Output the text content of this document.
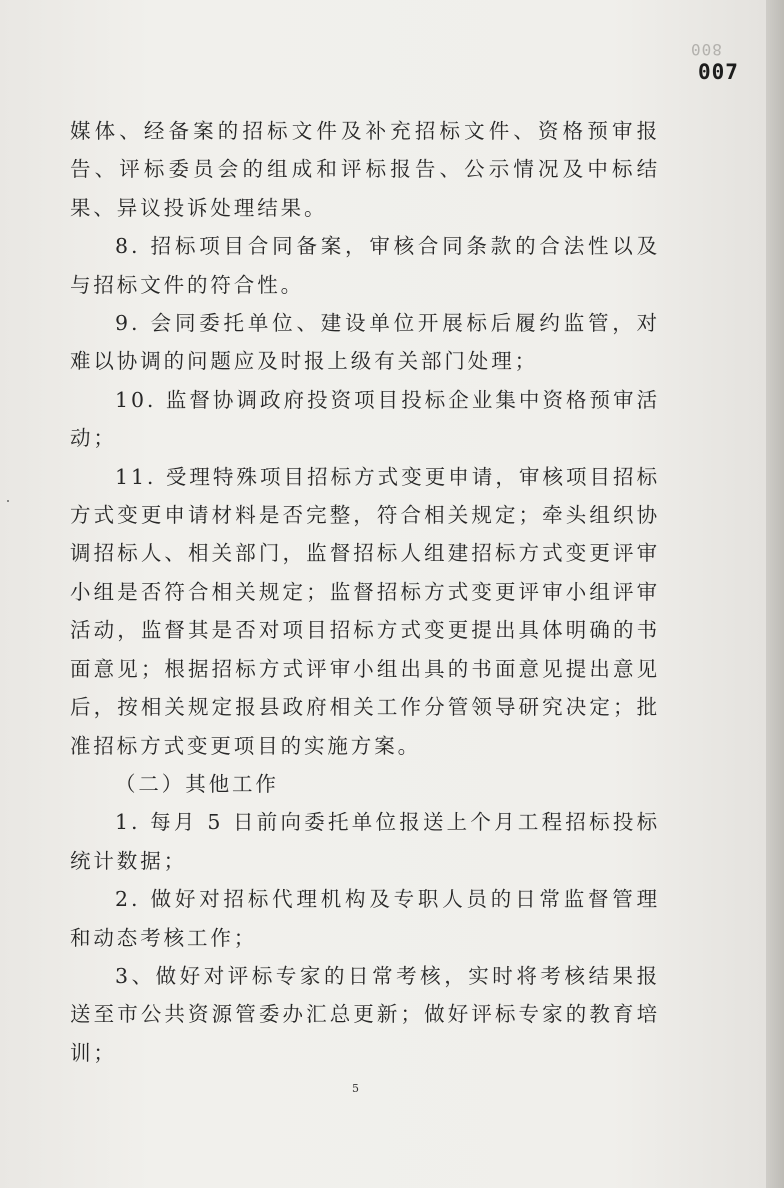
800
007

媒体、经备案的招标文件及补充招标文件、资格预审报告、评标委员会的组成和评标报告、公示情况及中标结果、异议投诉处理结果。

8. 招标项目合同备案，审核合同条款的合法性以及与招标文件的符合性。

9. 会同委托单位、建设单位开展标后履约监管，对难以协调的问题应及时报上级有关部门处理；

10. 监督协调政府投资项目投标企业集中资格预审活动；

11. 受理特殊项目招标方式变更申请，审核项目招标方式变更申请材料是否完整，符合相关规定；牵头组织协调招标人、相关部门，监督招标人组建招标方式变更评审小组是否符合相关规定；监督招标方式变更评审小组评审活动，监督其是否对项目招标方式变更提出具体明确的书面意见；根据招标方式评审小组出具的书面意见提出意见后，按相关规定报县政府相关工作分管领导研究决定；批准招标方式变更项目的实施方案。

（二）其他工作

1. 每月 5 日前向委托单位报送上个月工程招标投标统计数据；

2. 做好对招标代理机构及专职人员的日常监督管理和动态考核工作；

3、做好对评标专家的日常考核，实时将考核结果报送至市公共资源管委办汇总更新；做好评标专家的教育培训；

5
